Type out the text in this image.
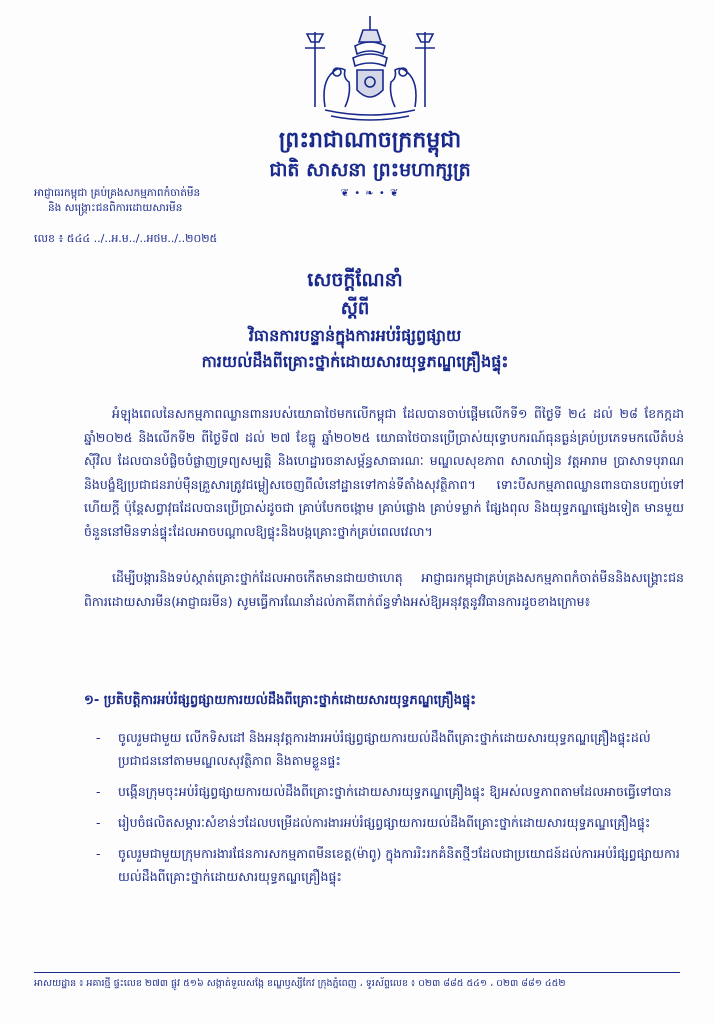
ព្រះរាជាណាចក្រកម្ពុជា
ជាតិ សាសនា ព្រះមហាក្សត្រ
❦ • ❧ • ❦
អាជ្ញាធរកម្ពុជា គ្រប់គ្រងសកម្មភាពកំចាត់មីន
និង សង្គ្រោះជនពិការដោយសារមីន
លេខ ៖ ៥៤៤ ../..អ.ម../..អថម../..២០២៥
សេចក្តីណែនាំ
ស្តីពី
វិធានការបន្ទាន់ក្នុងការអប់រំផ្សព្វផ្សាយ
ការយល់ដឹងពីគ្រោះថ្នាក់ដោយសារយុទ្ធភណ្ឌគ្រឿងផ្ទុះ
អំឡុងពេលនៃសកម្មភាពឈ្លានពានរបស់យោធាថៃមកលើកម្ពុជា ដែលបានចាប់ផ្តើមលើកទី១ ពីថ្ងៃទី ២៤ ដល់ ២៨ ខែកក្កដា ឆ្នាំ២០២៥ និងលើកទី២ ពីថ្ងៃទី៧ ដល់ ២៧ ខែធ្នូ ឆ្នាំ២០២៥ យោធាថៃបានប្រើប្រាស់យុទ្ធោបករណ៍ធុនធ្ងន់គ្រប់ប្រភេទមកលើតំបន់ស៊ីវិល ដែលបានបំផ្លិចបំផ្លាញទ្រព្យសម្បត្តិ និងហេដ្ឋារចនាសម្ព័ន្ធសាធារណៈ មណ្ឌលសុខភាព សាលារៀន វត្តអារាម ប្រាសាទបុរាណ និងបង្ខំឱ្យប្រជាជនរាប់ម៉ឺនគ្រួសារត្រូវជម្លៀសចេញពីលំនៅដ្ឋានទៅកាន់ទីតាំងសុវត្ថិភាព។ ទោះបីសកម្មភាពឈ្លានពានបានបញ្ចប់ទៅហើយក្តី ប៉ុន្តែសព្វាវុធដែលបានប្រើប្រាស់ដូចជា គ្រាប់បែកចង្កោម គ្រាប់ផ្លោង គ្រាប់ទម្លាក់ ផ្សែងពុល និងយុទ្ធភណ្ឌផ្សេងទៀត មានមួយចំនួននៅមិនទាន់ផ្ទុះដែលអាចបណ្តាលឱ្យផ្ទុះនិងបង្កគ្រោះថ្នាក់គ្រប់ពេលវេលា។
ដើម្បីបង្ការនិងទប់ស្កាត់គ្រោះថ្នាក់ដែលអាចកើតមានជាយថាហេតុ អាជ្ញាធរកម្ពុជាគ្រប់គ្រងសកម្មភាពកំចាត់មីននិងសង្គ្រោះជនពិការដោយសារមីន(អាជ្ញាធរមីន) សូមធ្វើការណែនាំដល់ភាគីពាក់ព័ន្ធទាំងអស់ឱ្យអនុវត្តនូវវិធានការដូចខាងក្រោម៖
១- ប្រតិបត្តិការអប់រំផ្សព្វផ្សាយការយល់ដឹងពីគ្រោះថ្នាក់ដោយសារយុទ្ធភណ្ឌគ្រឿងផ្ទុះ
- ចូលរួមជាមួយ លើកទិសដៅ និងអនុវត្តការងារអប់រំផ្សព្វផ្សាយការយល់ដឹងពីគ្រោះថ្នាក់ដោយសារយុទ្ធភណ្ឌគ្រឿងផ្ទុះដល់ប្រជាជននៅតាមមណ្ឌលសុវត្ថិភាព និងតាមខ្លួនផ្ទះ
- បង្កើនក្រុមចុះអប់រំផ្សព្វផ្សាយការយល់ដឹងពីគ្រោះថ្នាក់ដោយសារយុទ្ធភណ្ឌគ្រឿងផ្ទុះ ឱ្យអស់លទ្ធភាពតាមដែលអាចធ្វើទៅបាន
- រៀបចំផលិតសម្ភារៈសំខាន់ៗដែលបម្រើដល់ការងារអប់រំផ្សព្វផ្សាយការយល់ដឹងពីគ្រោះថ្នាក់ដោយសារយុទ្ធភណ្ឌគ្រឿងផ្ទុះ
- ចូលរួមជាមួយក្រុមការងារផែនការសកម្មភាពមីនខេត្ត(ម៉ាពូ) ក្នុងការរិះរកគំនិតថ្មីៗដែលជាប្រយោជន៍ដល់ការអប់រំផ្សព្វផ្សាយការយល់ដឹងពីគ្រោះថ្នាក់ដោយសារយុទ្ធភណ្ឌគ្រឿងផ្ទុះ
អាសយដ្ឋាន ៖ អគារថ្មី ផ្ទះលេខ ២៧៣ ផ្លូវ ៥១៦ សង្កាត់ទួលសង្កែ ខណ្ឌឫស្សីកែវ ក្រុងភ្នំពេញ ، ទូរស័ព្ទលេខ ៖ ០២៣ ៨៨៥ ៥៤១ ، ០២៣ ៨៨១ ៤៥២
